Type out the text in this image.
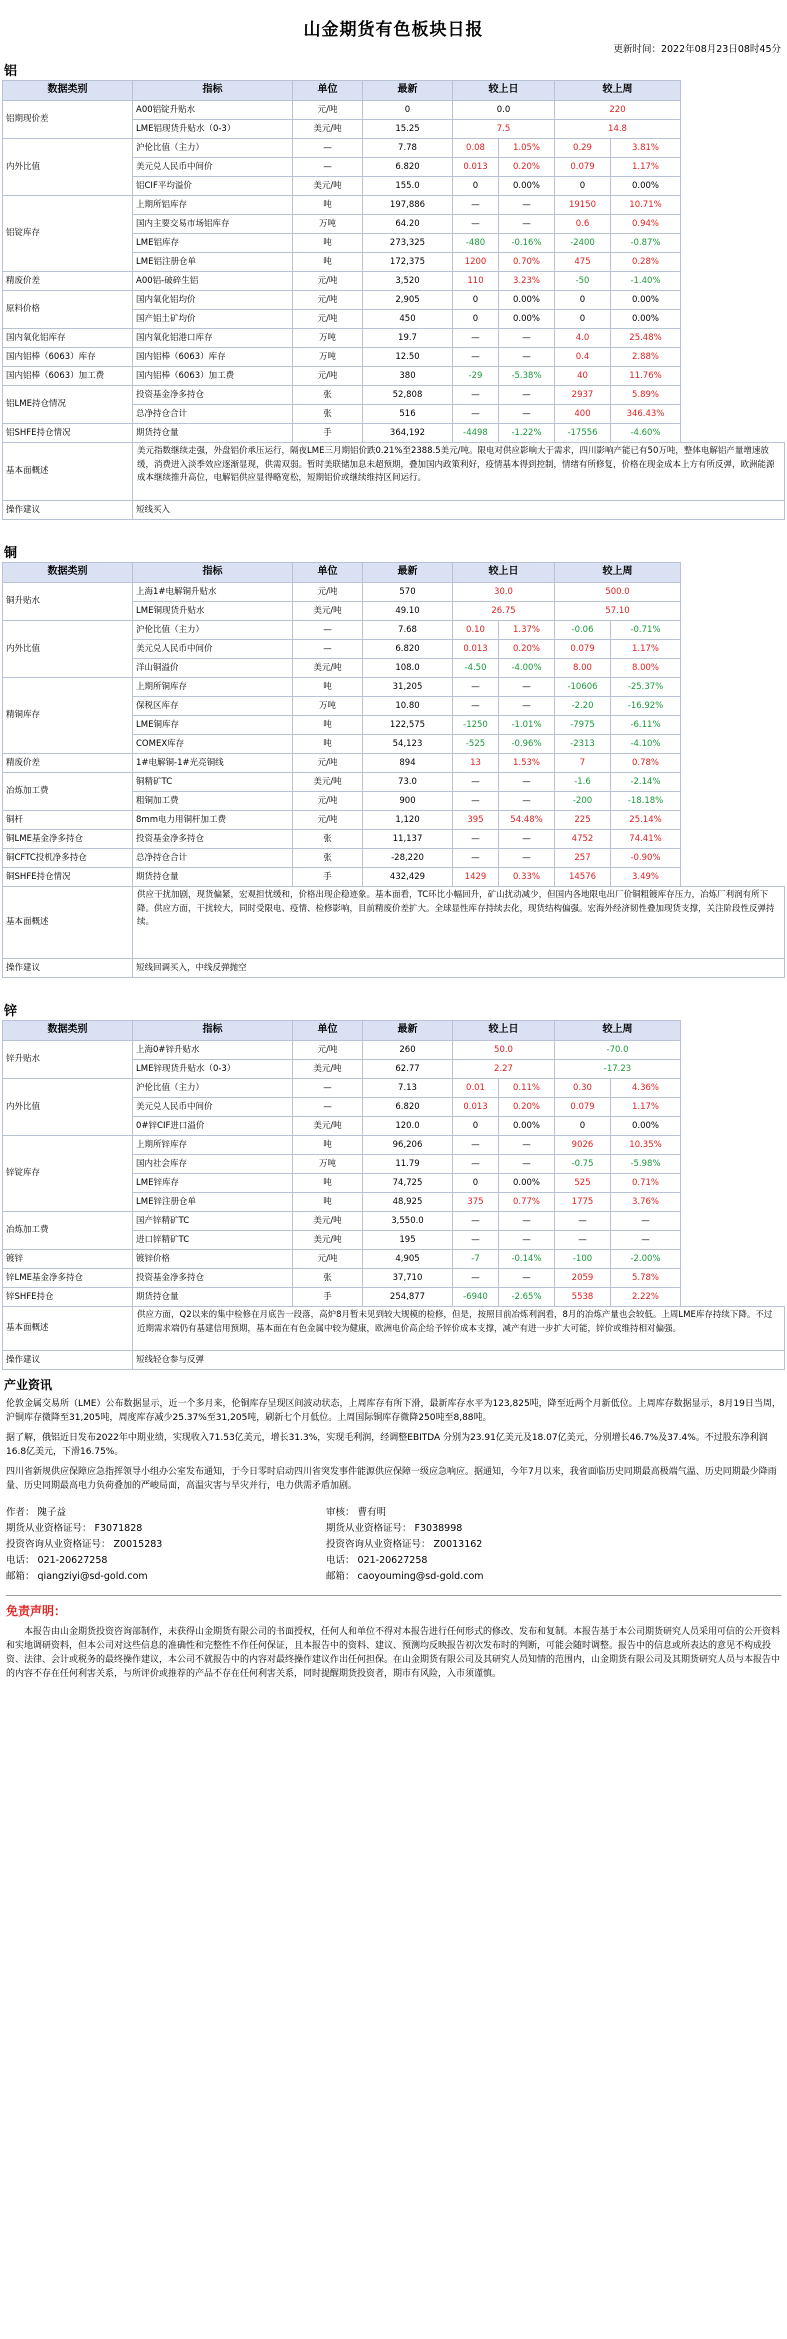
山金期货有色板块日报
更新时间：2022年08月23日08时45分
铝
数据类别	指标	单位	最新	较上日		较上周	
铝期现价差	A00铝锭升贴水	元/吨	0	0.0		220	
	LME铝现货升贴水（0-3）	美元/吨	15.25	7.5		14.8	
内外比值	沪伦比值（主力）	—	7.78	0.08	1.05%	0.29	3.81%
	美元兑人民币中间价	—	6.820	0.013	0.20%	0.079	1.17%
	铝CIF平均溢价	美元/吨	155.0	0	0.00%	0	0.00%
铝锭库存	上期所铝库存	吨	197,886	—	—	19150	10.71%
	国内主要交易市场铝库存	万吨	64.20	—	—	0.6	0.94%
	LME铝库存	吨	273,325	-480	-0.16%	-2400	-0.87%
	LME铝注册仓单	吨	172,375	1200	0.70%	475	0.28%
精废价差	A00铝-破碎生铝	元/吨	3,520	110	3.23%	-50	-1.40%
原料价格	国内氧化铝均价	元/吨	2,905	0	0.00%	0	0.00%
	国产铝土矿均价	元/吨	450	0	0.00%	0	0.00%
国内氧化铝库存	国内氧化铝港口库存	万吨	19.7	—	—	4.0	25.48%
国内铝棒（6063）库存	国内铝棒（6063）库存	万吨	12.50	—	—	0.4	2.88%
国内铝棒（6063）加工费	国内铝棒（6063）加工费	元/吨	380	-29	-5.38%	40	11.76%
铝LME持仓情况	投资基金净多持仓	张	52,808	—	—	2937	5.89%
	总净持仓合计	张	516	—	—	400	346.43%
铝SHFE持仓情况	期货持仓量	手	364,192	-4498	-1.22%	-17556	-4.60%
基本面概述	美元指数继续走强，外盘铝价承压运行，隔夜LME三月期铝价跌0.21%至2388.5美元/吨。限电对供应影响大于需求，四川影响产能已有50万吨，整体电解铝产量增速放缓，消费进入淡季效应逐渐显现，供需双弱。暂时美联储加息未超预期，叠加国内政策利好，疫情基本得到控制，情绪有所修复，价格在现金成本上方有所反弹，欧洲能源成本继续推升高位，电解铝供应显得略宽松，短期铝价或继续维持区间运行。						
操作建议	短线买入						
铜
数据类别	指标	单位	最新	较上日		较上周	
铜升贴水	上海1#电解铜升贴水	元/吨	570	30.0		500.0	
	LME铜现货升贴水	美元/吨	49.10	26.75		57.10	
内外比值	沪伦比值（主力）	—	7.68	0.10	1.37%	-0.06	-0.71%
	美元兑人民币中间价	—	6.820	0.013	0.20%	0.079	1.17%
	洋山铜溢价	美元/吨	108.0	-4.50	-4.00%	8.00	8.00%
精铜库存	上期所铜库存	吨	31,205	—	—	-10606	-25.37%
	保税区库存	万吨	10.80	—	—	-2.20	-16.92%
	LME铜库存	吨	122,575	-1250	-1.01%	-7975	-6.11%
	COMEX库存	吨	54,123	-525	-0.96%	-2313	-4.10%
精废价差	1#电解铜-1#光亮铜线	元/吨	894	13	1.53%	7	0.78%
冶炼加工费	铜精矿TC	美元/吨	73.0	—	—	-1.6	-2.14%
	粗铜加工费	元/吨	900	—	—	-200	-18.18%
铜杆	8mm电力用铜杆加工费	元/吨	1,120	395	54.48%	225	25.14%
铜LME基金净多持仓	投资基金净多持仓	张	11,137	—	—	4752	74.41%
铜CFTC投机净多持仓	总净持仓合计	张	-28,220	—	—	257	-0.90%
铜SHFE持仓情况	期货持仓量	手	432,429	1429	0.33%	14576	3.49%
基本面概述	供应干扰加剧，现货偏紧，宏观担忧缓和，价格出现企稳迹象。基本面看，TC环比小幅回升，矿山扰动减少，但国内各地限电出厂价铜粗镀库存压力，冶炼厂利润有所下降。供应方面，干扰较大，同时受限电、疫情、检修影响，目前精废价差扩大。全球显性库存持续去化，现货结构偏强。宏海外经济韧性叠加现货支撑，关注阶段性反弹持续。						
操作建议	短线回调买入，中线反弹抛空						
锌
数据类别	指标	单位	最新	较上日		较上周	
锌升贴水	上海0#锌升贴水	元/吨	260	50.0		-70.0	
	LME锌现货升贴水（0-3）	美元/吨	62.77	2.27		-17.23	
内外比值	沪伦比值（主力）	—	7.13	0.01	0.11%	0.30	4.36%
	美元兑人民币中间价	—	6.820	0.013	0.20%	0.079	1.17%
	0#锌CIF进口溢价	美元/吨	120.0	0	0.00%	0	0.00%
锌锭库存	上期所锌库存	吨	96,206	—	—	9026	10.35%
	国内社会库存	万吨	11.79	—	—	-0.75	-5.98%
	LME锌库存	吨	74,725	0	0.00%	525	0.71%
	LME锌注册仓单	吨	48,925	375	0.77%	1775	3.76%
冶炼加工费	国产锌精矿TC	美元/吨	3,550.0	—	—	—	—
	进口锌精矿TC	美元/吨	195	—	—	—	—
镀锌	镀锌价格	元/吨	4,905	-7	-0.14%	-100	-2.00%
锌LME基金净多持仓	投资基金净多持仓	张	37,710	—	—	2059	5.78%
锌SHFE持仓	期货持仓量	手	254,877	-6940	-2.65%	5538	2.22%
基本面概述	供应方面，Q2以来的集中检修在月底告一段落，高炉8月暂未见到较大规模的检修，但是，按照目前冶炼利润看，8月的冶炼产量也会较低。上周LME库存持续下降。不过近期需求端仍有基建信用预期，基本面在有色金属中较为健康，欧洲电价高企给予锌价成本支撑，减产有进一步扩大可能，锌价或维持相对偏强。						
操作建议	短线轻仓参与反弹						
产业资讯

伦敦金属交易所（LME）公布数据显示，近一个多月来，伦铜库存呈现区间波动状态，上周库存有所下滑，最新库存水平为123,825吨，降至近两个月新低位。上周库存数据显示，8月19日当周，沪铜库存微降至31,205吨，周度库存减少25.37%至31,205吨，刷新七个月低位。上周国际铜库存微降250吨至8,88吨。

据了解，俄铝近日发布2022年中期业绩，实现收入71.53亿美元，增长31.3%，实现毛利润，经调整EBITDA 分别为23.91亿美元及18.07亿美元，分别增长46.7%及37.4%。不过股东净利润16.8亿美元，下滑16.75%。

四川省新规供应保障应急指挥领导小组办公室发布通知，于今日零时启动四川省突发事件能源供应保障一级应急响应。据通知，今年7月以来，我省面临历史同期最高极端气温、历史同期最少降雨量、历史同期最高电力负荷叠加的严峻局面，高温灾害与旱灾并行，电力供需矛盾加剧。

作者： 隗子益
期货从业资格证号： F3071828
投资咨询从业资格证号： Z0015283
电话： 021-20627258
邮箱： qiangziyi@sd-gold.com
审核： 曹有明
期货从业资格证号： F3038998
投资咨询从业资格证号： Z0013162
电话： 021-20627258
邮箱： caoyouming@sd-gold.com
免责声明：
本报告由山金期货投资咨询部制作，未获得山金期货有限公司的书面授权，任何人和单位不得对本报告进行任何形式的修改、发布和复制。本报告基于本公司期货研究人员采用可信的公开资料和实地调研资料，但本公司对这些信息的准确性和完整性不作任何保证，且本报告中的资料、建议、预测均反映报告初次发布时的判断，可能会随时调整。报告中的信息或所表达的意见不构成投资、法律、会计或税务的最终操作建议，本公司不就报告中的内容对最终操作建议作出任何担保。在山金期货有限公司及其研究人员知情的范围内，山金期货有限公司及其期货研究人员与本报告中的内容不存在任何利害关系，与所评价或推荐的产品不存在任何利害关系，同时提醒期货投资者，期市有风险，入市须谨慎。
